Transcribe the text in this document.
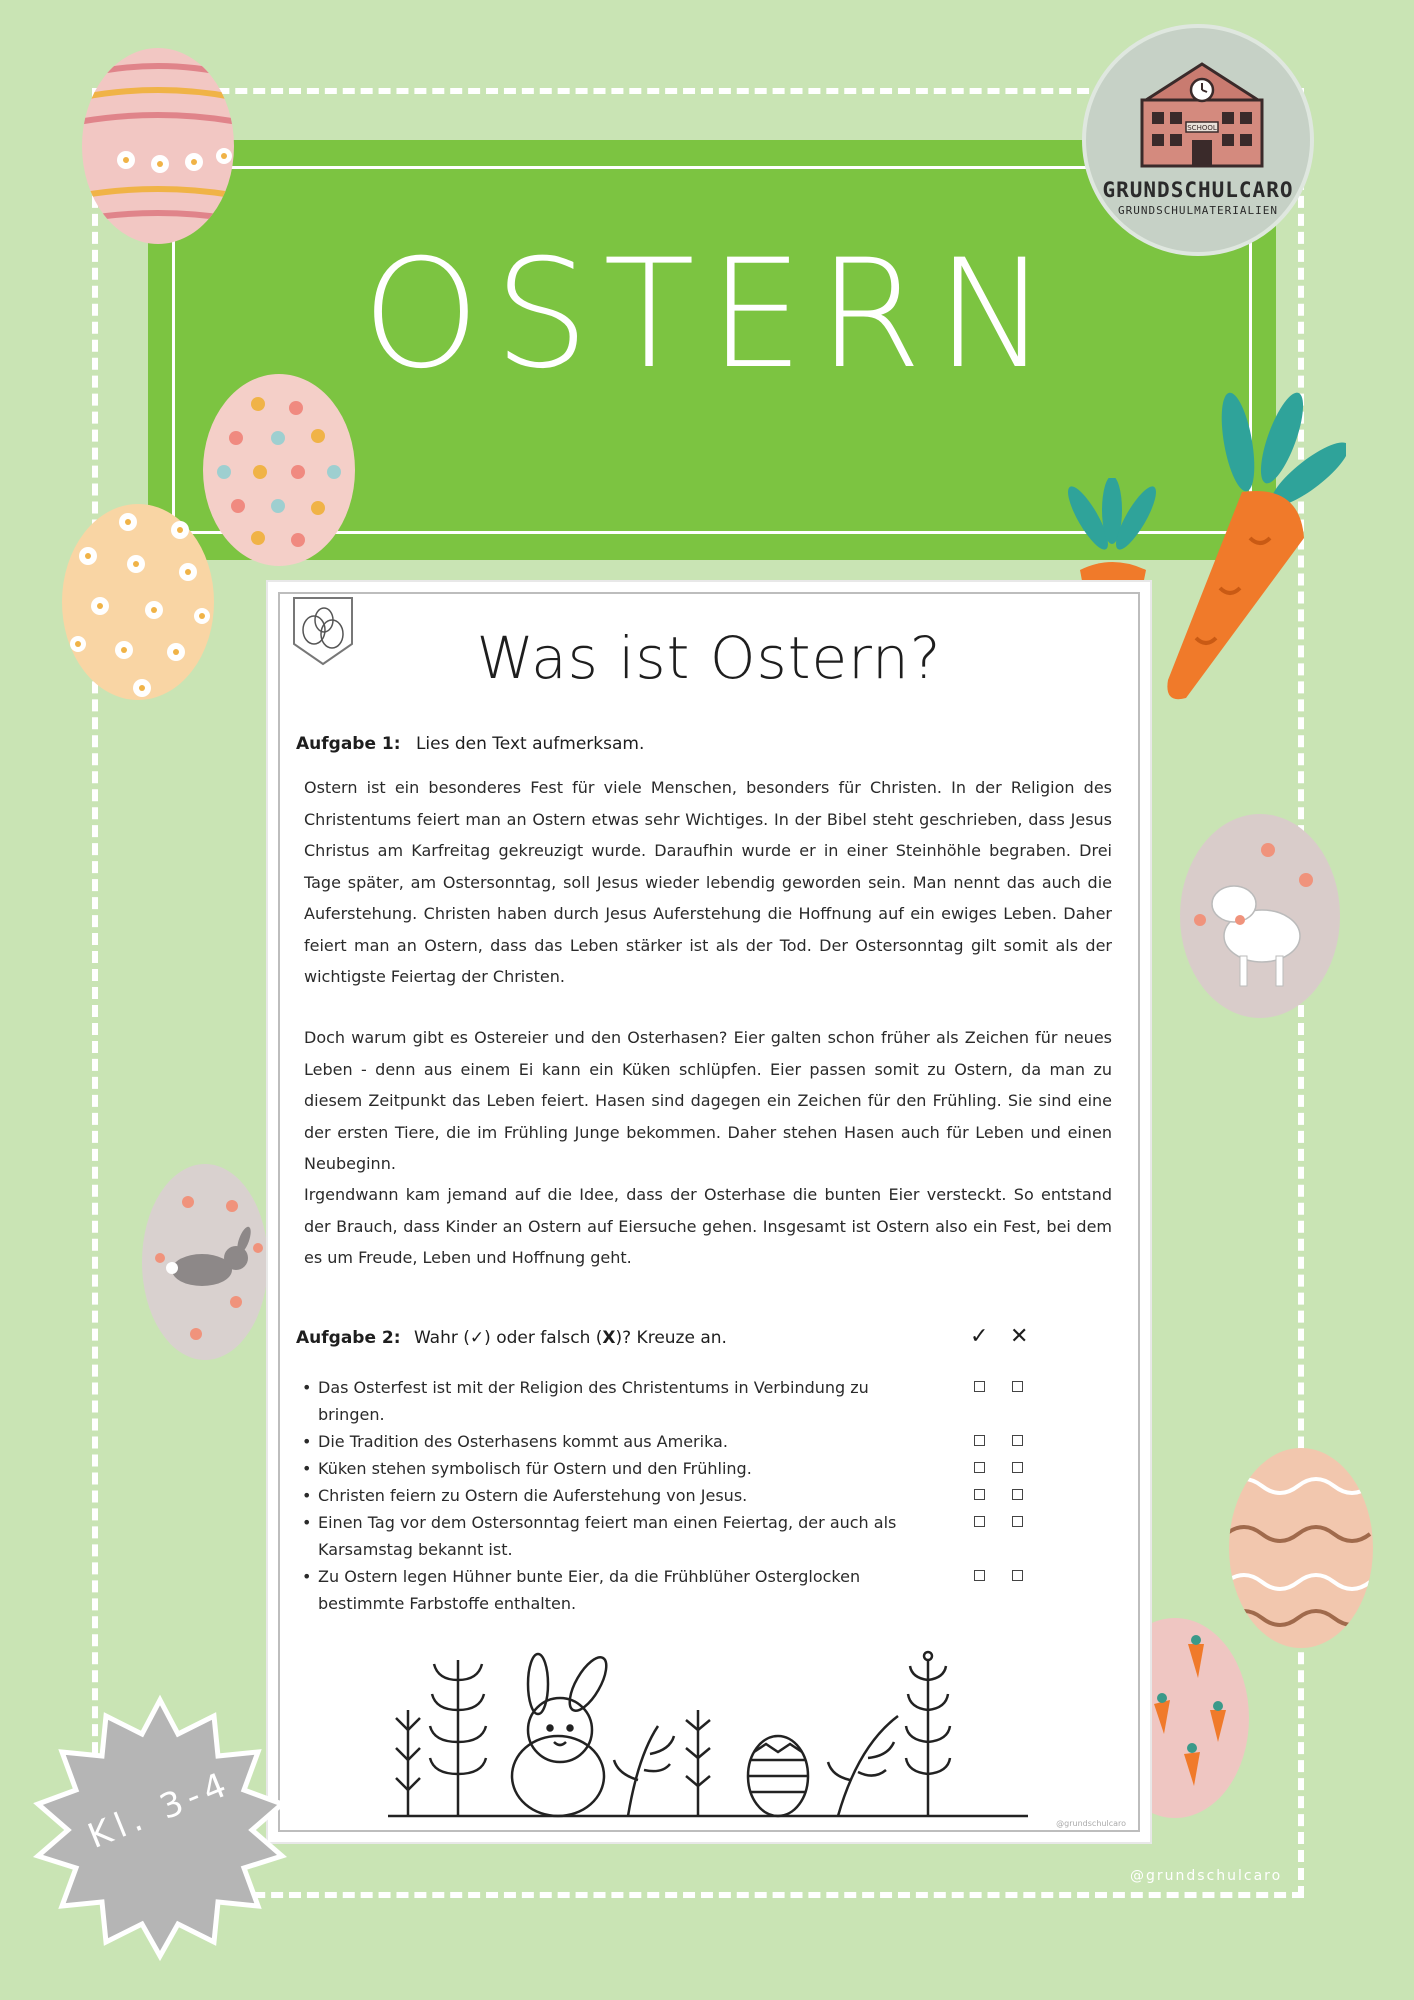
OSTERN
SCHOOL
GRUNDSCHULCARO
GRUNDSCHULMATERIALIEN
Was ist Ostern?
Aufgabe 1: Lies den Text aufmerksam.

Ostern ist ein besonderes Fest für viele Menschen, besonders für Christen. In der Religion des Christentums feiert man an Ostern etwas sehr Wichtiges. In der Bibel steht geschrieben, dass Jesus Christus am Karfreitag gekreuzigt wurde. Daraufhin wurde er in einer Steinhöhle begraben. Drei Tage später, am Ostersonntag, soll Jesus wieder lebendig geworden sein. Man nennt das auch die Auferstehung. Christen haben durch Jesus Auferstehung die Hoffnung auf ein ewiges Leben. Daher feiert man an Ostern, dass das Leben stärker ist als der Tod. Der Ostersonntag gilt somit als der wichtigste Feiertag der Christen.

Doch warum gibt es Ostereier und den Osterhasen? Eier galten schon früher als Zeichen für neues Leben - denn aus einem Ei kann ein Küken schlüpfen. Eier passen somit zu Ostern, da man zu diesem Zeitpunkt das Leben feiert. Hasen sind dagegen ein Zeichen für den Frühling. Sie sind eine der ersten Tiere, die im Frühling Junge bekommen. Daher stehen Hasen auch für Leben und einen Neubeginn.

Irgendwann kam jemand auf die Idee, dass der Osterhase die bunten Eier versteckt. So entstand der Brauch, dass Kinder an Ostern auf Eiersuche gehen. Insgesamt ist Ostern also ein Fest, bei dem es um Freude, Leben und Hoffnung geht.

Aufgabe 2: Wahr (✓) oder falsch (X)? Kreuze an.	✓ ✕
• Das Osterfest ist mit der Religion des Christentums in Verbindung zu bringen.
• Die Tradition des Osterhasens kommt aus Amerika.
• Küken stehen symbolisch für Ostern und den Frühling.
• Christen feiern zu Ostern die Auferstehung von Jesus.
• Einen Tag vor dem Ostersonntag feiert man einen Feiertag, der auch als Karsamstag bekannt ist.
• Zu Ostern legen Hühner bunte Eier, da die Frühblüher Osterglocken bestimmte Farbstoffe enthalten.
@grundschulcaro
Kl. 3-4
@grundschulcaro
